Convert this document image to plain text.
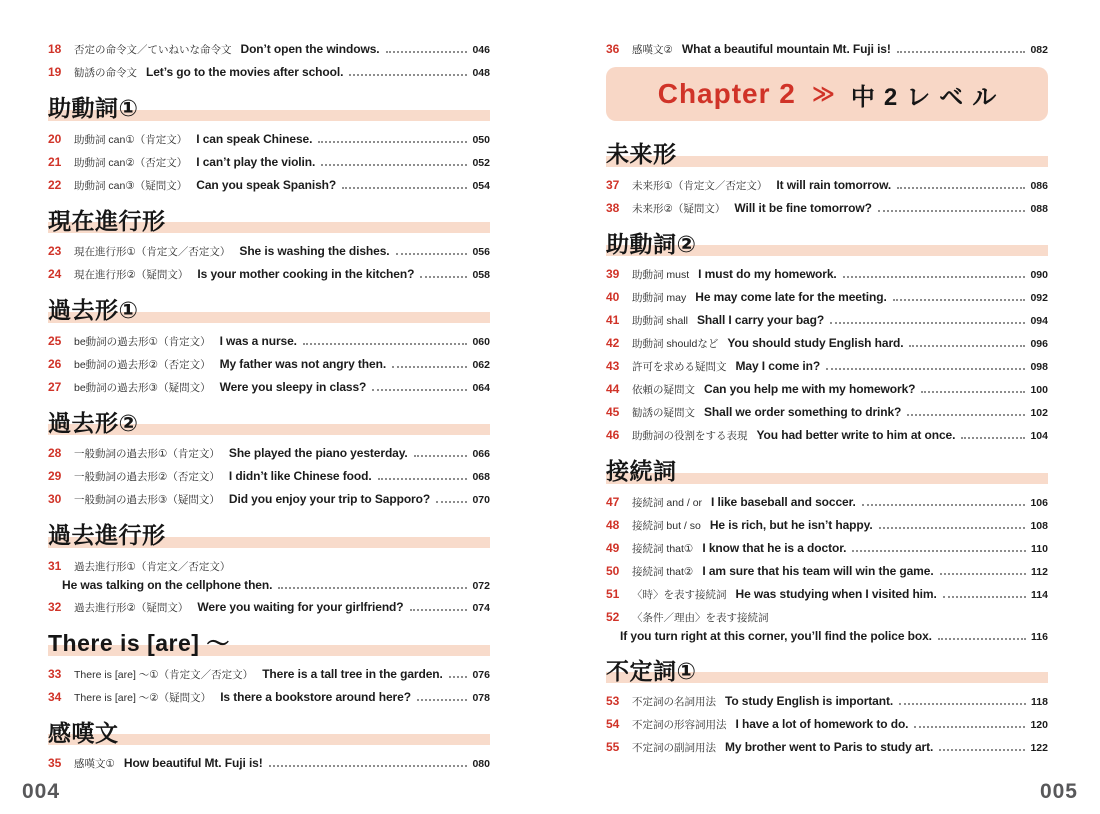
18	否定の命令文／ていねいな命令文 Don’t open the windows.	046
19	勧誘の命令文 Let’s go to the movies after school.	048
助動詞①
20	助動詞 can①（肯定文） I can speak Chinese.	050
21	助動詞 can②（否定文） I can’t play the violin.	052
22	助動詞 can③（疑問文） Can you speak Spanish?	054
現在進行形
23	現在進行形①（肯定文／否定文） She is washing the dishes.	056
24	現在進行形②（疑問文） Is your mother cooking in the kitchen?	058
過去形①
25	be動詞の過去形①（肯定文） I was a nurse.	060
26	be動詞の過去形②（否定文） My father was not angry then.	062
27	be動詞の過去形③（疑問文） Were you sleepy in class?	064
過去形②
28	一般動詞の過去形①（肯定文） She played the piano yesterday.	066
29	一般動詞の過去形②（否定文） I didn’t like Chinese food.	068
30	一般動詞の過去形③（疑問文） Did you enjoy your trip to Sapporo?	070
過去進行形
31	過去進行形①（肯定文／否定文）
He was talking on the cellphone then.	072
32	過去進行形②（疑問文） Were you waiting for your girlfriend?	074
There is [are] ～
33	There is [are] ～①（肯定文／否定文） There is a tall tree in the garden.	076
34	There is [are] ～②（疑問文） Is there a bookstore around here?	078
感嘆文
35	感嘆文① How beautiful Mt. Fuji is!	080
36	感嘆文② What a beautiful mountain Mt. Fuji is!	082
Chapter 2 ≫ 中2レベル
未来形
37	未来形①（肯定文／否定文） It will rain tomorrow.	086
38	未来形②（疑問文） Will it be fine tomorrow?	088
助動詞②
39	助動詞 must I must do my homework.	090
40	助動詞 may He may come late for the meeting.	092
41	助動詞 shall Shall I carry your bag?	094
42	助動詞 shouldなど You should study English hard.	096
43	許可を求める疑問文 May I come in?	098
44	依頼の疑問文 Can you help me with my homework?	100
45	勧誘の疑問文 Shall we order something to drink?	102
46	助動詞の役割をする表現 You had better write to him at once.	104
接続詞
47	接続詞 and / or I like baseball and soccer.	106
48	接続詞 but / so He is rich, but he isn’t happy.	108
49	接続詞 that① I know that he is a doctor.	110
50	接続詞 that② I am sure that his team will win the game.	112
51	〈時〉を表す接続詞 He was studying when I visited him.	114
52	〈条件／理由〉を表す接続詞
If you turn right at this corner, you’ll find the police box.	116
不定詞①
53	不定詞の名詞用法 To study English is important.	118
54	不定詞の形容詞用法 I have a lot of homework to do.	120
55	不定詞の副詞用法 My brother went to Paris to study art.	122
004	005
